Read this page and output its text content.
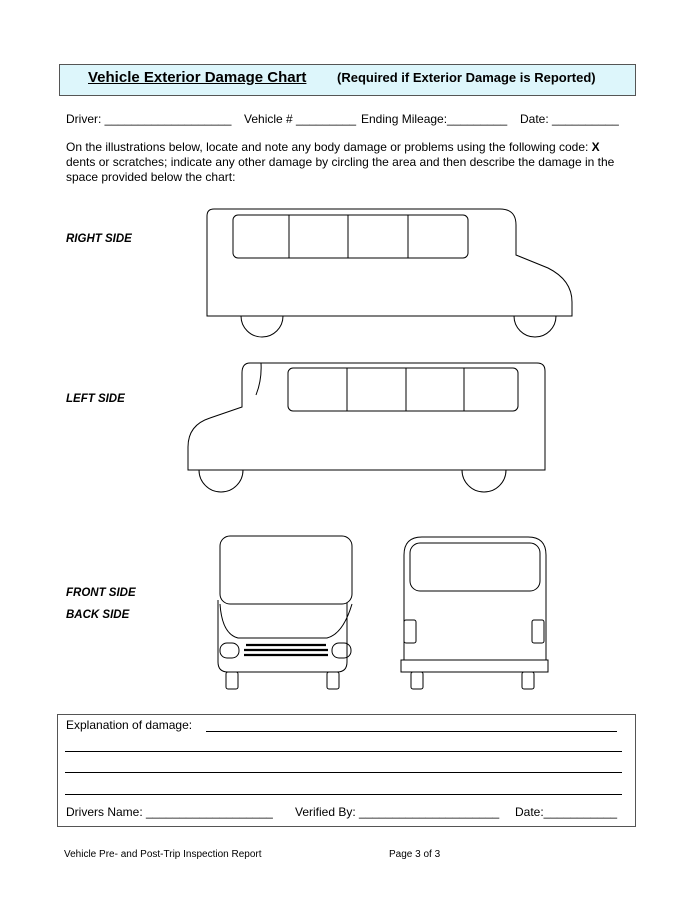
Vehicle Exterior Damage Chart (Required if Exterior Damage is Reported)
Driver: ___________________ Vehicle # _________ Ending Mileage:_________ Date: __________
On the illustrations below, locate and note any body damage or problems using the following code: X dents or scratches; indicate any other damage by circling the area and then describe the damage in the space provided below the chart:
RIGHT SIDE
LEFT SIDE
FRONT SIDE
BACK SIDE
Explanation of damage:
Drivers Name: ___________________ Verified By: _____________________ Date:___________
Vehicle Pre- and Post-Trip Inspection Report	Page 3 of 3
